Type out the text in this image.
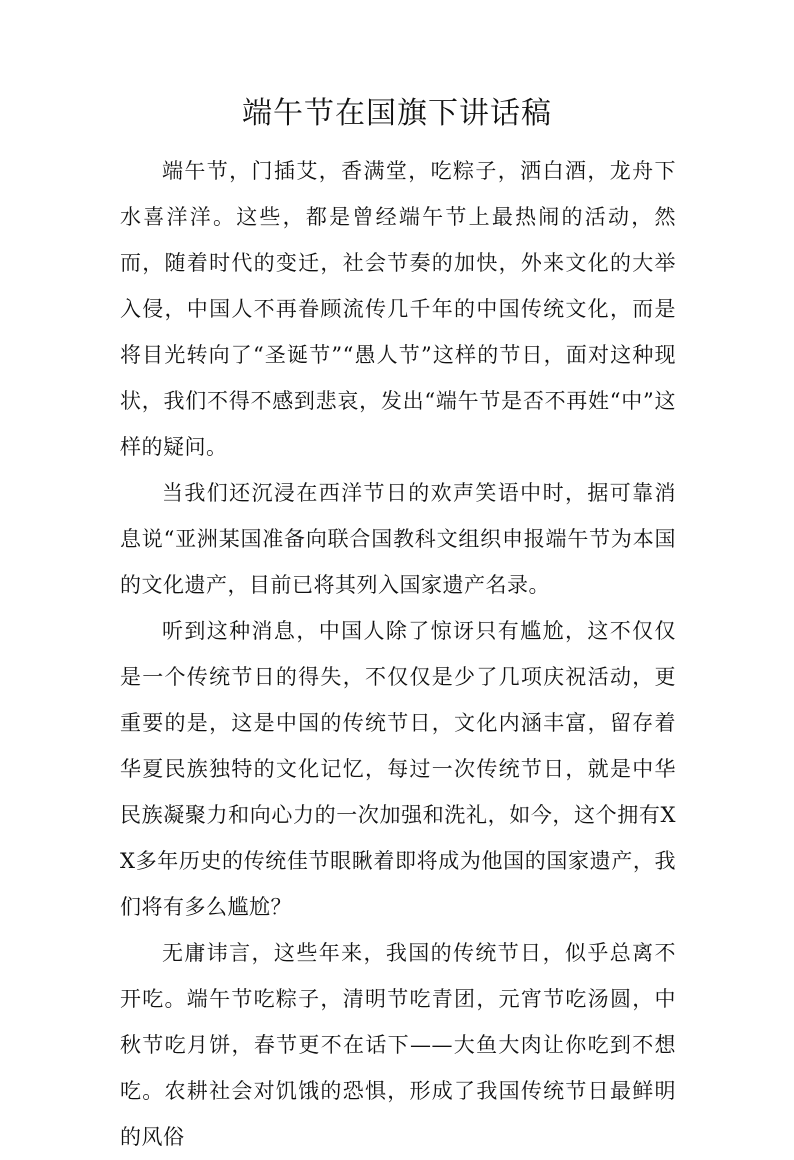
端午节在国旗下讲话稿

端午节，门插艾，香满堂，吃粽子，洒白酒，龙舟下水喜洋洋。这些，都是曾经端午节上最热闹的活动，然而，随着时代的变迁，社会节奏的加快，外来文化的大举入侵，中国人不再眷顾流传几千年的中国传统文化，而是将目光转向了“圣诞节”“愚人节”这样的节日，面对这种现状，我们不得不感到悲哀，发出“端午节是否不再姓“中”这样的疑问。

当我们还沉浸在西洋节日的欢声笑语中时，据可靠消息说“亚洲某国准备向联合国教科文组织申报端午节为本国的文化遗产，目前已将其列入国家遗产名录。

听到这种消息，中国人除了惊讶只有尴尬，这不仅仅是一个传统节日的得失，不仅仅是少了几项庆祝活动，更重要的是，这是中国的传统节日，文化内涵丰富，留存着华夏民族独特的文化记忆，每过一次传统节日，就是中华民族凝聚力和向心力的一次加强和洗礼，如今，这个拥有XX多年历史的传统佳节眼瞅着即将成为他国的国家遗产，我们将有多么尴尬？

无庸讳言，这些年来，我国的传统节日，似乎总离不开吃。端午节吃粽子，清明节吃青团，元宵节吃汤圆，中秋节吃月饼，春节更不在话下——大鱼大肉让你吃到不想吃。农耕社会对饥饿的恐惧，形成了我国传统节日最鲜明的风俗
